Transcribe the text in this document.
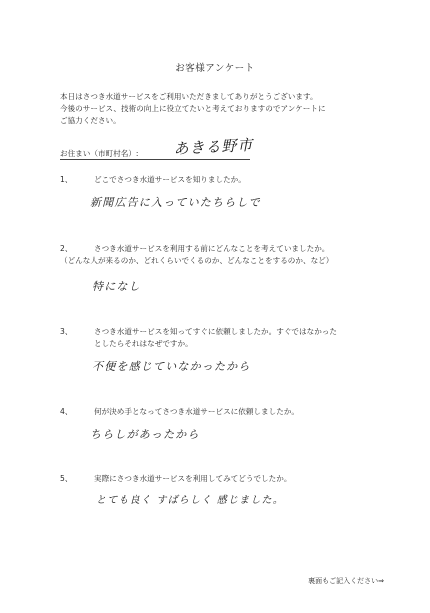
お客様アンケート
本日はさつき水道サービスをご利用いただきましてありがとうございます。
今後のサービス、技術の向上に役立てたいと考えておりますのでアンケートに
ご協力ください。
お住まい（市町村名）: あきる野市
1、	どこでさつき水道サービスを知りましたか。
新聞広告に入っていたちらしで
2、	さつき水道サービスを利用する前にどんなことを考えていましたか。
（どんな人が来るのか、どれくらいでくるのか、どんなことをするのか、など）
特になし
3、	さつき水道サービスを知ってすぐに依頼しましたか。すぐではなかった
としたらそれはなぜですか。
不便を感じていなかったから
4、	何が決め手となってさつき水道サービスに依頼しましたか。
ちらしがあったから
5、	実際にさつき水道サービスを利用してみてどうでしたか。
とても良く すばらしく 感じました。
裏面もご記入ください⇒
